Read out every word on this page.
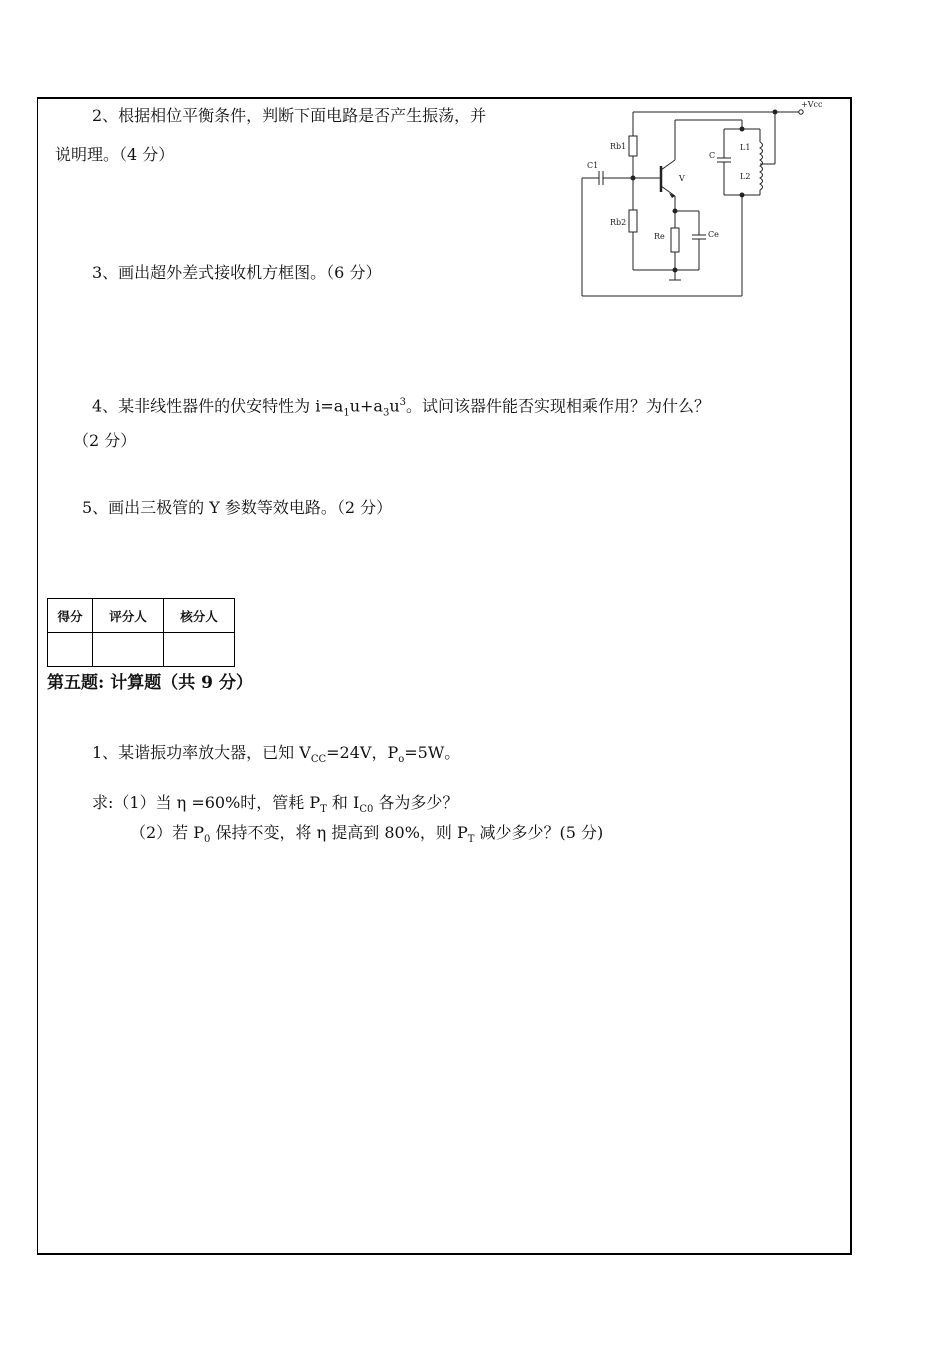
2、根据相位平衡条件，判断下面电路是否产生振荡，并
说明理。（4 分）
+Vcc
C1
Rb1
Rb2
V
Re	Ce
C
L1
L2
3、画出超外差式接收机方框图。（6 分）
4、某非线性器件的伏安特性为 $i=a_1u+a_3u^3$。试问该器件能否实现相乘作用？为什么？
（2 分）
5、画出三极管的 Y 参数等效电路。（2 分）
得分	评分人	核分人

第五题: 计算题（共 9 分）
1、某谐振功率放大器，已知 $V_{CC}=24V$，$P_o=5W$。
求:（1）当 η =60%时，管耗 $P_T$ 和 $I_{C0}$ 各为多少？
（2）若 $P_0$ 保持不变，将 η 提高到 80%，则 $P_T$ 减少多少？(5 分)
